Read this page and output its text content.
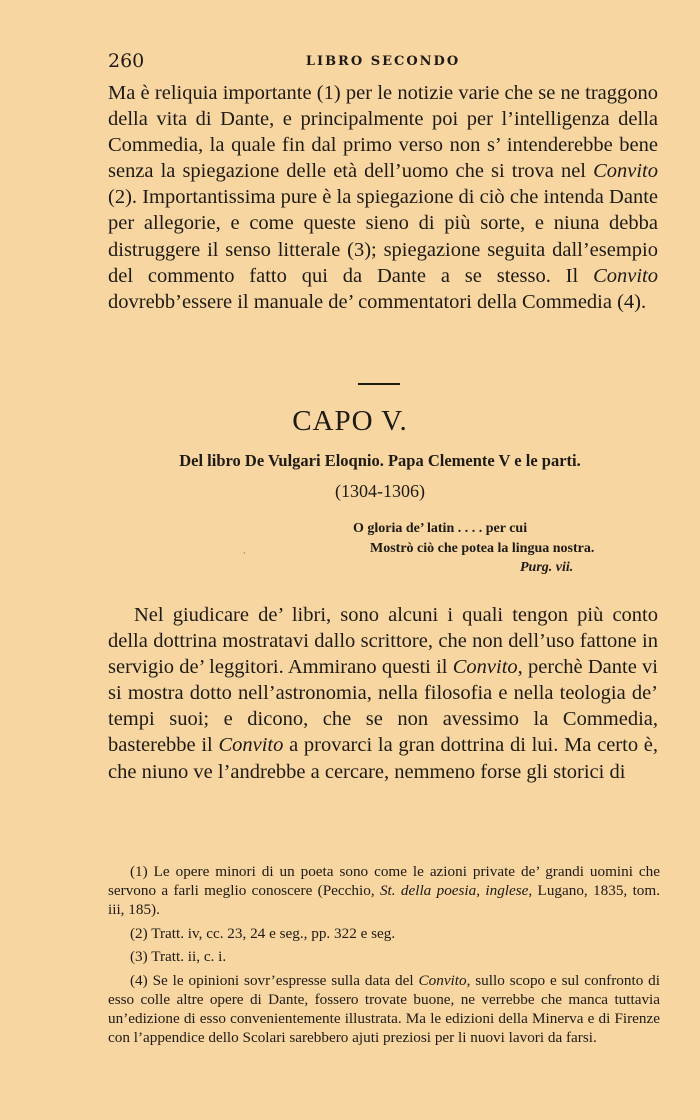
260	LIBRO SECONDO

Ma è reliquia importante (1) per le notizie varie che se ne traggono della vita di Dante, e principalmente poi per l’intelligenza della Commedia, la quale fin dal primo verso non s’ intenderebbe bene senza la spiegazione delle età dell’uomo che si trova nel Convito (2). Importantissima pure è la spiegazione di ciò che intenda Dante per allegorie, e come queste sieno di più sorte, e niuna debba distruggere il senso litterale (3); spiegazione seguita dall’esempio del commento fatto qui da Dante a se stesso. Il Convito dovrebb’essere il manuale de’ commentatori della Commedia (4).

CAPO V.
Del libro De Vulgari Eloqnio. Papa Clemente V e le parti.
(1304-1306)
O gloria de’ latin . . . . per cui
Mostrò ciò che potea la lingua nostra.
Purg. vii.
·

Nel giudicare de’ libri, sono alcuni i quali tengon più conto della dottrina mostratavi dallo scrittore, che non dell’uso fattone in servigio de’ leggitori. Ammirano questi il Convito, perchè Dante vi si mostra dotto nell’astronomia, nella filosofia e nella teologia de’ tempi suoi; e dicono, che se non avessimo la Commedia, basterebbe il Convito a provarci la gran dottrina di lui. Ma certo è, che niuno ve l’andrebbe a cercare, nemmeno forse gli storici di

(1) Le opere minori di un poeta sono come le azioni private de’ grandi uomini che servono a farli meglio conoscere (Pecchio, St. della poesia, inglese, Lugano, 1835, tom. iii, 185).

(2) Tratt. iv, cc. 23, 24 e seg., pp. 322 e seg.

(3) Tratt. ii, c. i.

(4) Se le opinioni sovr’espresse sulla data del Convito, sullo scopo e sul confronto di esso colle altre opere di Dante, fossero trovate buone, ne verrebbe che manca tuttavia un’edizione di esso convenientemente illustrata. Ma le edizioni della Minerva e di Firenze con l’appendice dello Scolari sarebbero ajuti preziosi per li nuovi lavori da farsi.
